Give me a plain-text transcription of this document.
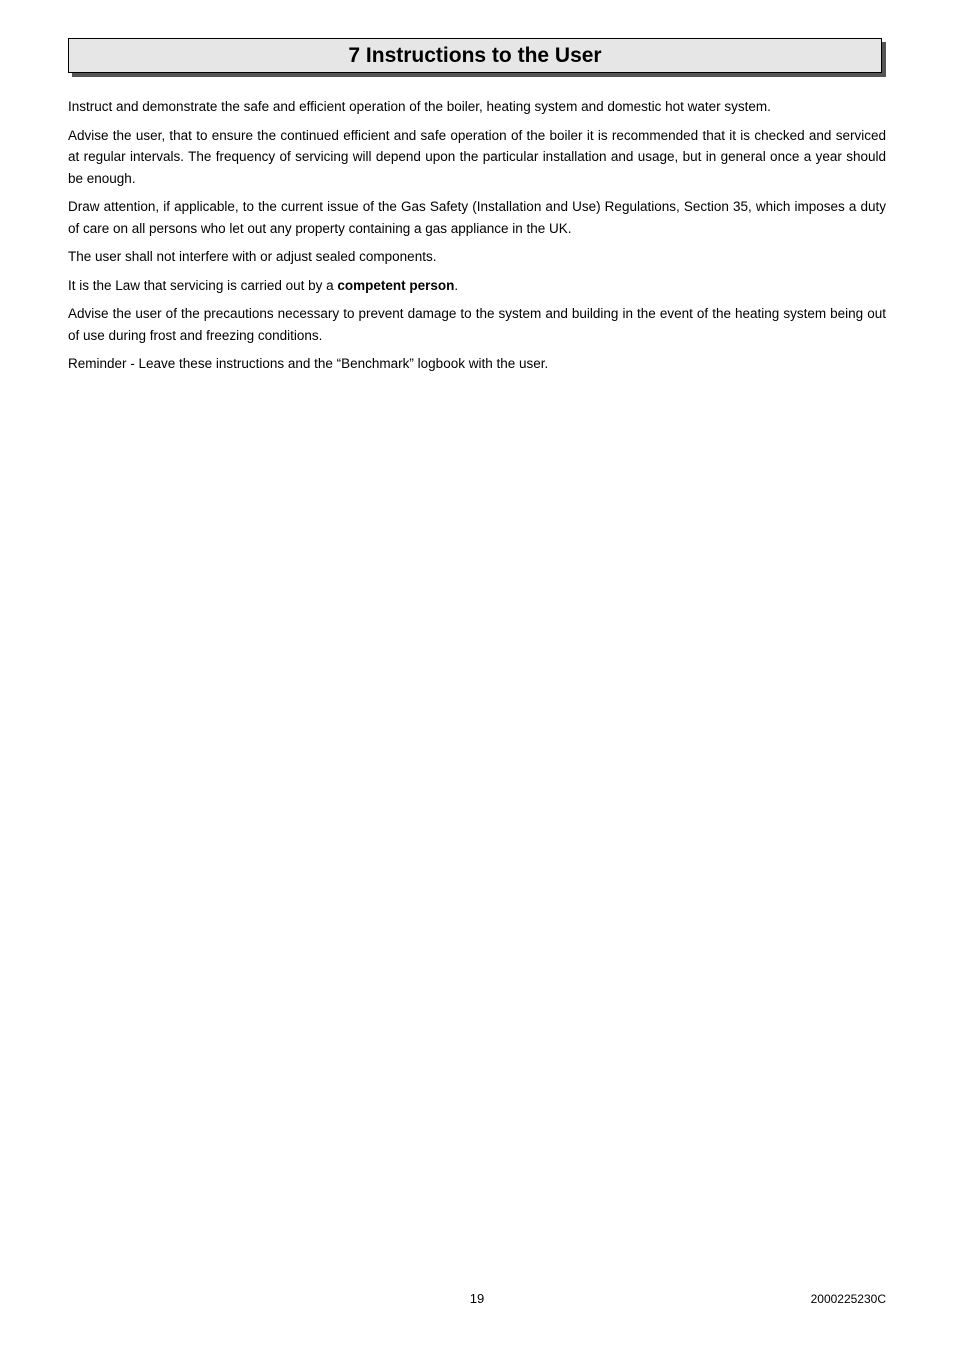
7 Instructions to the User

Instruct and demonstrate the safe and efficient operation of the boiler, heating system and domestic hot water system.

Advise the user, that to ensure the continued efficient and safe operation of the boiler it is recommended that it is checked and serviced at regular intervals. The frequency of servicing will depend upon the particular installation and usage, but in general once a year should be enough.

Draw attention, if applicable, to the current issue of the Gas Safety (Installation and Use) Regulations, Section 35, which imposes a duty of care on all persons who let out any property containing a gas appliance in the UK.

The user shall not interfere with or adjust sealed components.

It is the Law that servicing is carried out by a competent person.

Advise the user of the precautions necessary to prevent damage to the system and building in the event of the heating system being out of use during frost and freezing conditions.

Reminder - Leave these instructions and the “Benchmark” logbook with the user.

19	2000225230C
